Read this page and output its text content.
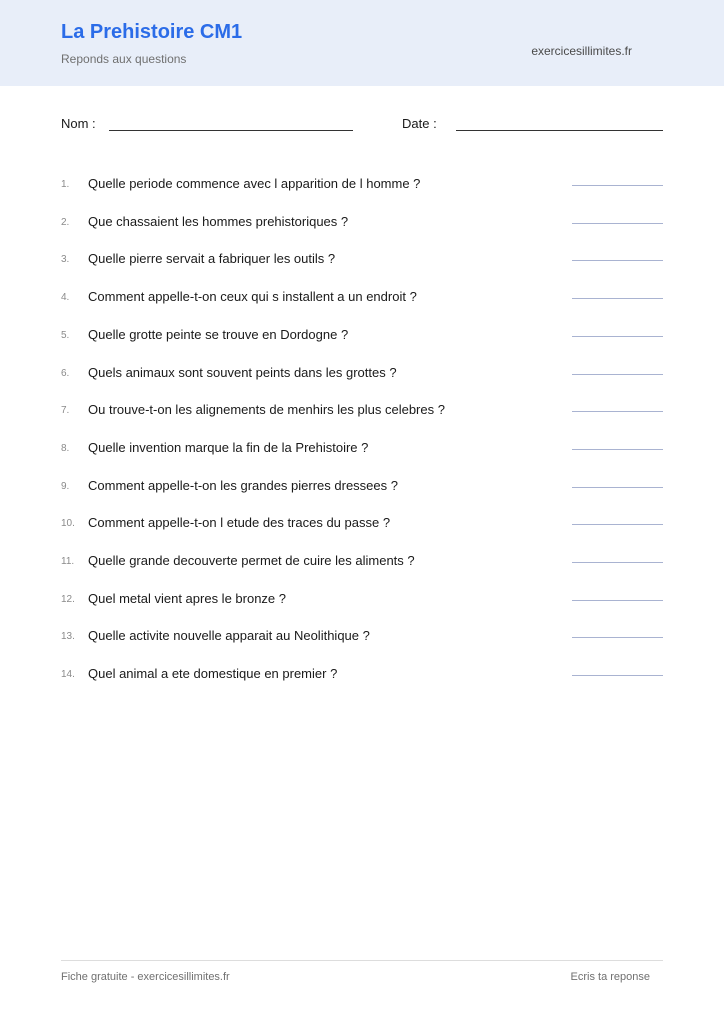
La Prehistoire CM1
Reponds aux questions
exercicesillimites.fr
Nom :	Date :
1.	Quelle periode commence avec l apparition de l homme ?
2.	Que chassaient les hommes prehistoriques ?
3.	Quelle pierre servait a fabriquer les outils ?
4.	Comment appelle-t-on ceux qui s installent a un endroit ?
5.	Quelle grotte peinte se trouve en Dordogne ?
6.	Quels animaux sont souvent peints dans les grottes ?
7.	Ou trouve-t-on les alignements de menhirs les plus celebres ?
8.	Quelle invention marque la fin de la Prehistoire ?
9.	Comment appelle-t-on les grandes pierres dressees ?
10.	Comment appelle-t-on l etude des traces du passe ?
11.	Quelle grande decouverte permet de cuire les aliments ?
12.	Quel metal vient apres le bronze ?
13.	Quelle activite nouvelle apparait au Neolithique ?
14.	Quel animal a ete domestique en premier ?
Fiche gratuite - exercicesillimites.fr	Ecris ta reponse
